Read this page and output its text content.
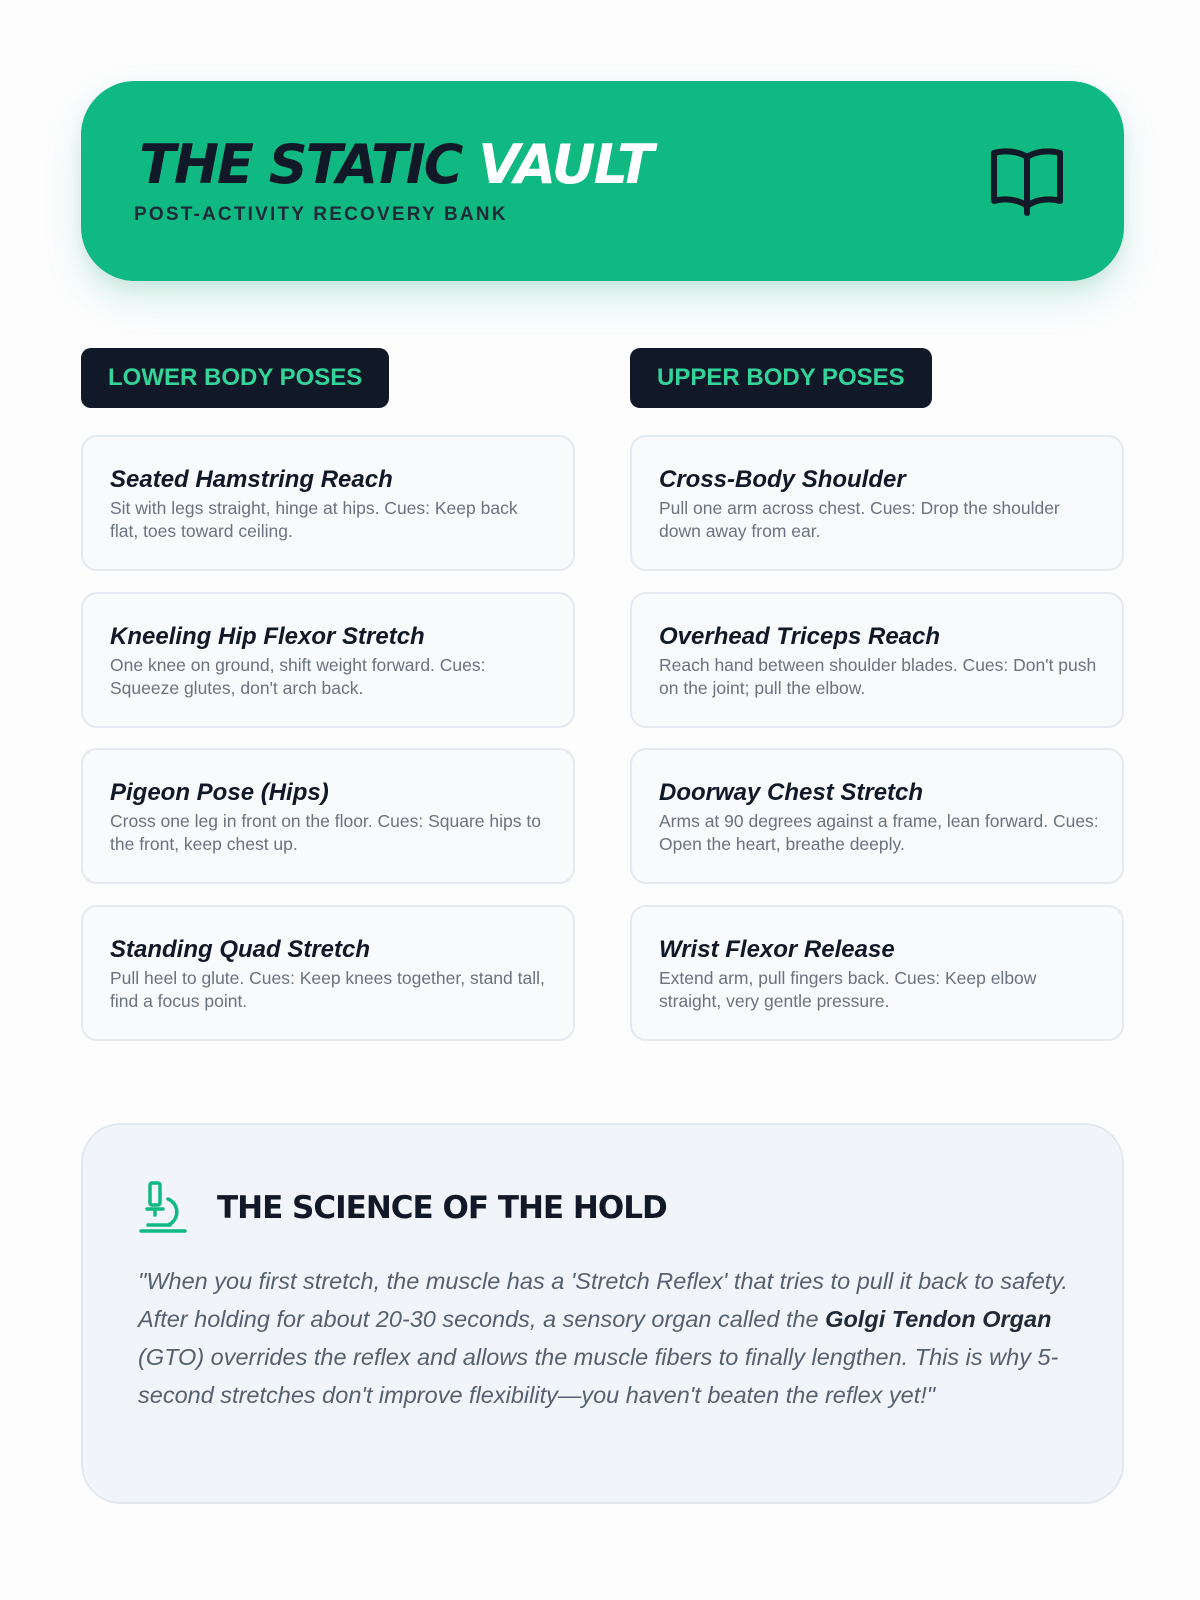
THE STATIC VAULT
POST-ACTIVITY RECOVERY BANK
LOWER BODY POSES	UPPER BODY POSES
Seated Hamstring Reach
Sit with legs straight, hinge at hips. Cues: Keep back flat, toes toward ceiling.
Kneeling Hip Flexor Stretch
One knee on ground, shift weight forward. Cues: Squeeze glutes, don't arch back.
Pigeon Pose (Hips)
Cross one leg in front on the floor. Cues: Square hips to the front, keep chest up.
Standing Quad Stretch
Pull heel to glute. Cues: Keep knees together, stand tall, find a focus point.
Cross-Body Shoulder
Pull one arm across chest. Cues: Drop the shoulder down away from ear.
Overhead Triceps Reach
Reach hand between shoulder blades. Cues: Don't push on the joint; pull the elbow.
Doorway Chest Stretch
Arms at 90 degrees against a frame, lean forward. Cues: Open the heart, breathe deeply.
Wrist Flexor Release
Extend arm, pull fingers back. Cues: Keep elbow straight, very gentle pressure.
THE SCIENCE OF THE HOLD
"When you first stretch, the muscle has a 'Stretch Reflex' that tries to pull it back to safety. After holding for about 20-30 seconds, a sensory organ called the Golgi Tendon Organ (GTO) overrides the reflex and allows the muscle fibers to finally lengthen. This is why 5-second stretches don't improve flexibility—you haven't beaten the reflex yet!"
